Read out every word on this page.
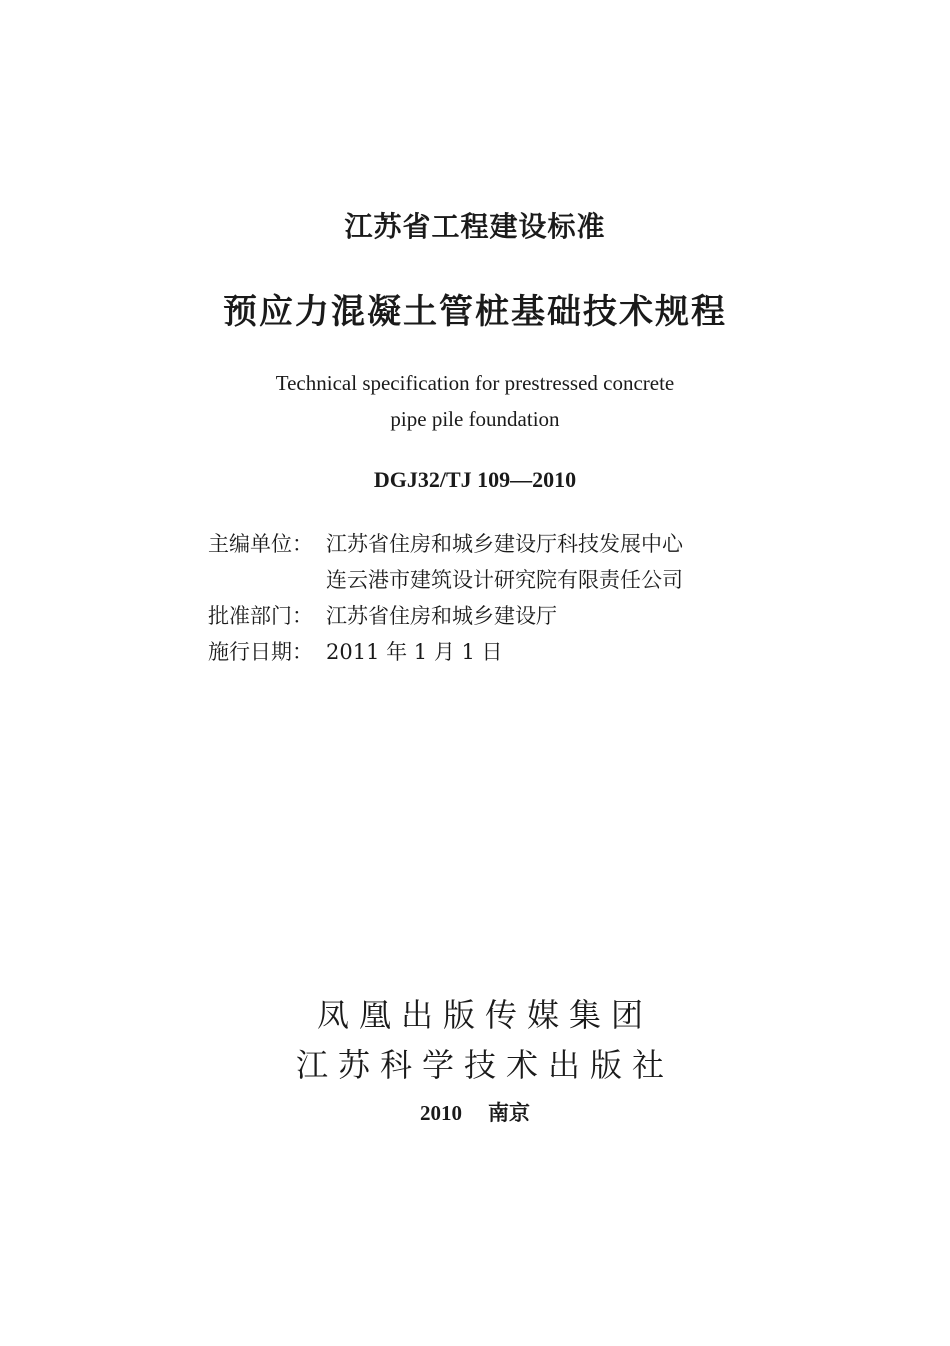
江苏省工程建设标准
预应力混凝土管桩基础技术规程
Technical specification for prestressed concrete
pipe pile foundation
DGJ32/TJ 109—2010
主编单位： 江苏省住房和城乡建设厅科技发展中心
连云港市建筑设计研究院有限责任公司
批准部门： 江苏省住房和城乡建设厅
施行日期： 2011 年 1 月 1 日
凤凰出版传媒集团
江苏科学技术出版社
2010 南京
